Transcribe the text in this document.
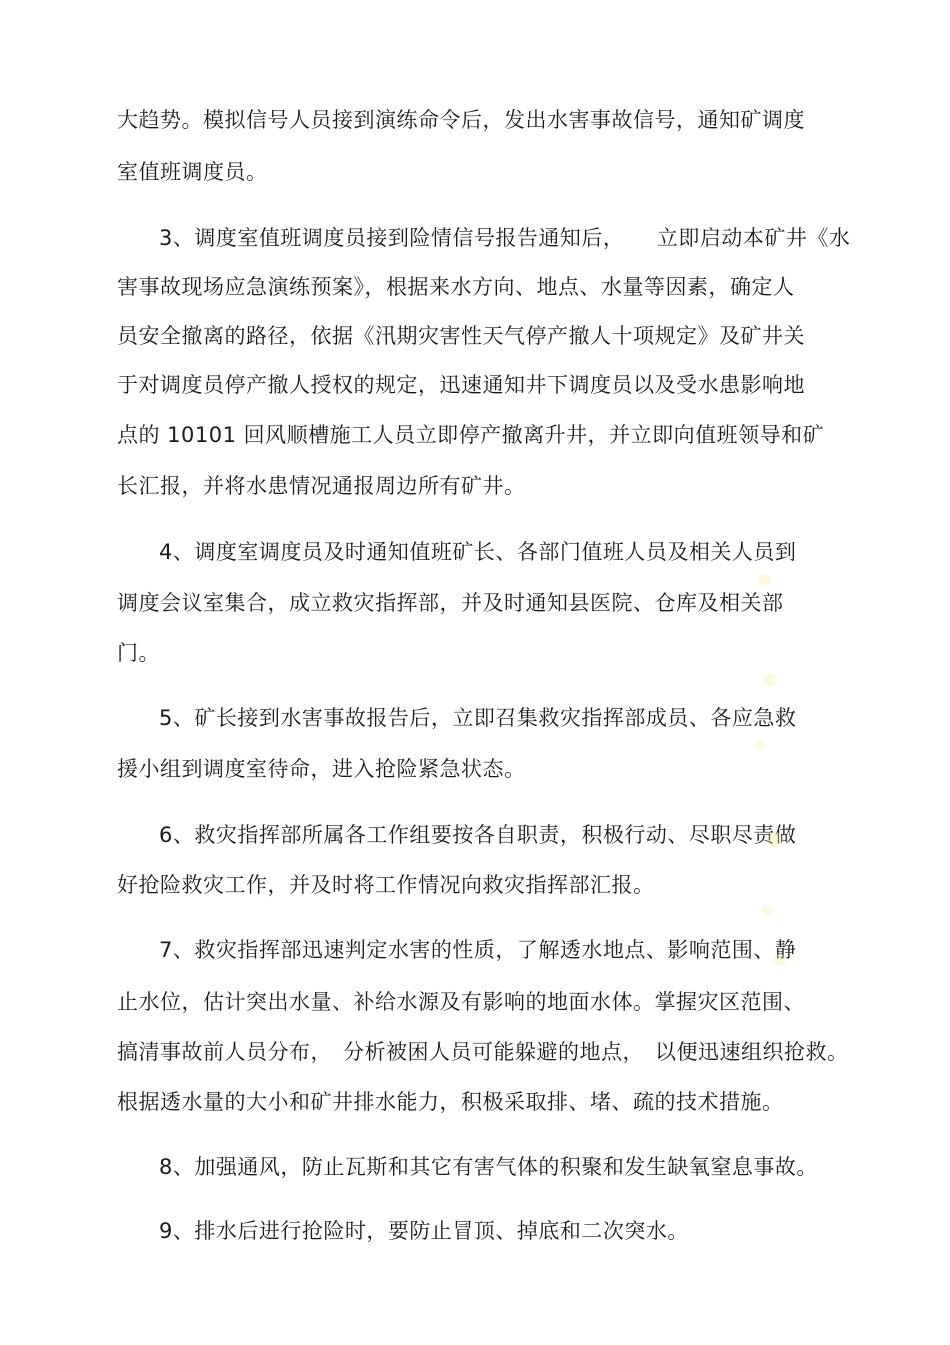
大趋势。模拟信号人员接到演练命令后，发出水害事故信号，通知矿调度
室值班调度员。
3、调度室值班调度员接到险情信号报告通知后，　　立即启动本矿井《水
害事故现场应急演练预案》，根据来水方向、地点、水量等因素，确定人
员安全撤离的路径，依据《汛期灾害性天气停产撤人十项规定》及矿井关
于对调度员停产撤人授权的规定，迅速通知井下调度员以及受水患影响地
点的 10101 回风顺槽施工人员立即停产撤离升井，并立即向值班领导和矿
长汇报，并将水患情况通报周边所有矿井。
4、调度室调度员及时通知值班矿长、各部门值班人员及相关人员到
调度会议室集合，成立救灾指挥部，并及时通知县医院、仓库及相关部
门。
5、矿长接到水害事故报告后，立即召集救灾指挥部成员、各应急救
援小组到调度室待命，进入抢险紧急状态。
6、救灾指挥部所属各工作组要按各自职责，积极行动、尽职尽责做
好抢险救灾工作，并及时将工作情况向救灾指挥部汇报。
7、救灾指挥部迅速判定水害的性质，了解透水地点、影响范围、静
止水位，估计突出水量、补给水源及有影响的地面水体。掌握灾区范围、
搞清事故前人员分布，　分析被困人员可能躲避的地点，　以便迅速组织抢救。
根据透水量的大小和矿井排水能力，积极采取排、堵、疏的技术措施。
8、加强通风，防止瓦斯和其它有害气体的积聚和发生缺氧窒息事故。
9、排水后进行抢险时，要防止冒顶、掉底和二次突水。
